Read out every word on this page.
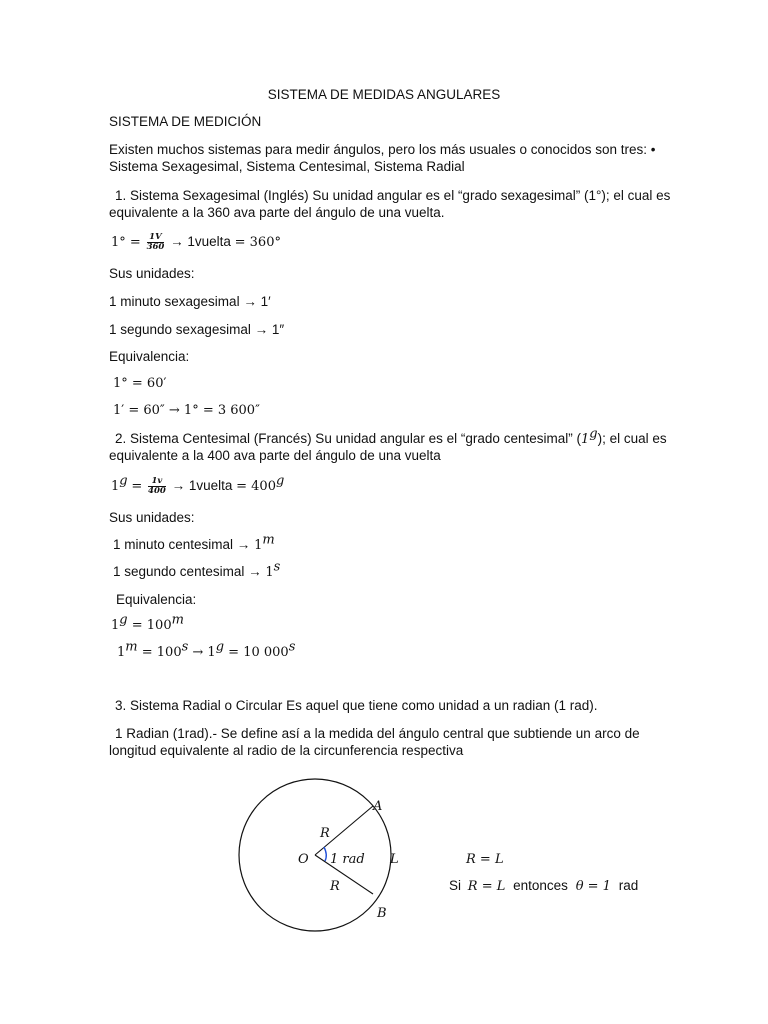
SISTEMA DE MEDIDAS ANGULARES
SISTEMA DE MEDICIÓN
Existen muchos sistemas para medir ángulos, pero los más usuales o conocidos son tres: •
Sistema Sexagesimal, Sistema Centesimal, Sistema Radial
1. Sistema Sexagesimal (Inglés) Su unidad angular es el “grado sexagesimal” (1°); el cual es
equivalente a la 360 ava parte del ángulo de una vuelta.
$1^\circ = \frac{1V}{360}$ → 1vuelta = 360°
Sus unidades:
1 minuto sexagesimal → 1′
1 segundo sexagesimal → 1″
Equivalencia:
1° = 60′
1′ = 60″ → 1° = 3 600″
2. Sistema Centesimal (Francés) Su unidad angular es el “grado centesimal” (1$^g$); el cual es
equivalente a la 400 ava parte del ángulo de una vuelta
$1^g = \frac{1v}{400}$ → 1vuelta = $400^g$
Sus unidades:
1 minuto centesimal → $1^m$
1 segundo centesimal → $1^s$
Equivalencia:
$1^g = 100^m$
$1^m = 100^s \to 1^g = 10$ 000$^s$
3. Sistema Radial o Circular Es aquel que tiene como unidad a un radian (1 rad).
1 Radian (1rad).- Se define así a la medida del ángulo central que subtiende un arco de
longitud equivalente al radio de la circunferencia respectiva
A
B
O
R
R
L
1 rad	R = L
Si R = L entonces θ = 1 rad
